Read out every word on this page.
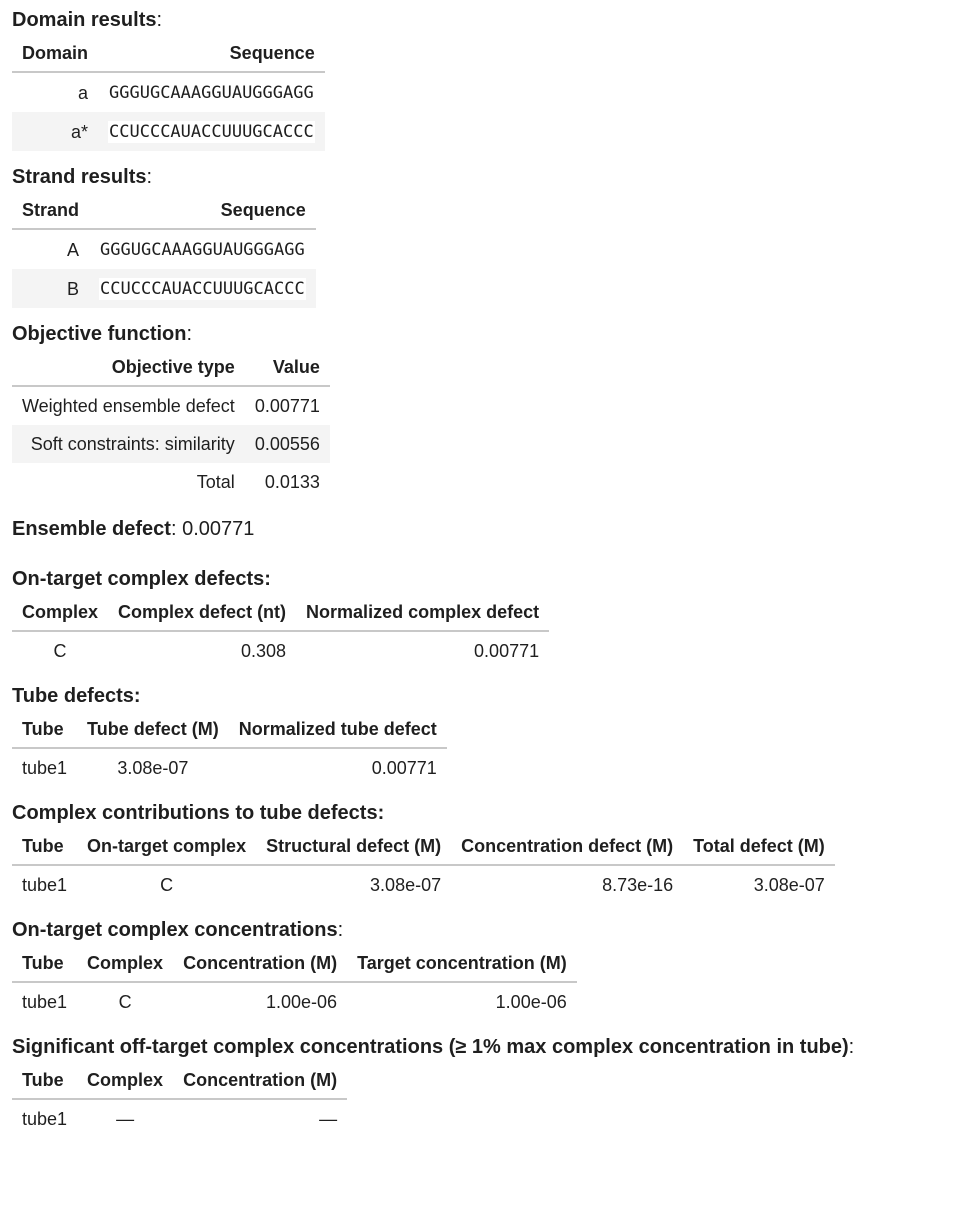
Domain results:
Domain	Sequence
a	GGGUGCAAAGGUAUGGGAGG
a*	CCUCCCAUACCUUUGCACCC
Strand results:
Strand	Sequence
A	GGGUGCAAAGGUAUGGGAGG
B	CCUCCCAUACCUUUGCACCC
Objective function:
Objective type	Value
Weighted ensemble defect	0.00771
Soft constraints: similarity	0.00556
Total	0.0133
Ensemble defect: 0.00771
On-target complex defects:
Complex	Complex defect (nt)	Normalized complex defect
C	0.308	0.00771
Tube defects:
Tube	Tube defect (M)	Normalized tube defect
tube1	3.08e-07	0.00771
Complex contributions to tube defects:
Tube	On-target complex	Structural defect (M)	Concentration defect (M)	Total defect (M)
tube1	C	3.08e-07	8.73e-16	3.08e-07
On-target complex concentrations:
Tube	Complex	Concentration (M)	Target concentration (M)
tube1	C	1.00e-06	1.00e-06
Significant off-target complex concentrations (≥ 1% max complex concentration in tube):
Tube	Complex	Concentration (M)
tube1	—	—
